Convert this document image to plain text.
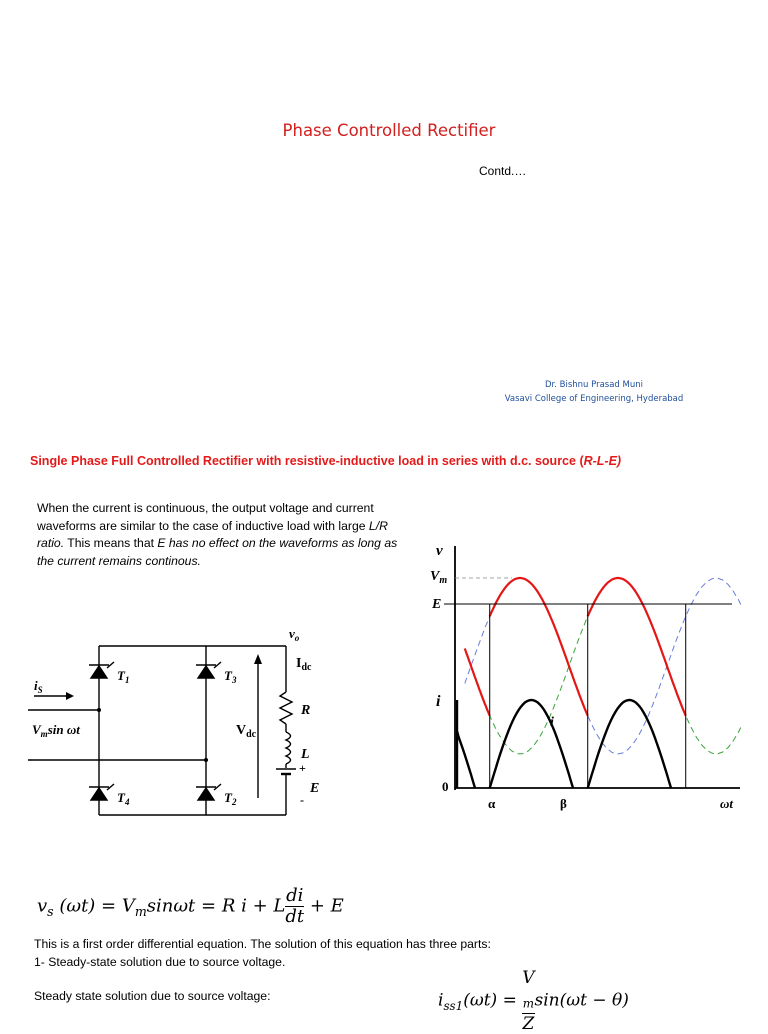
Phase Controlled Rectifier
Contd.…
Dr. Bishnu Prasad Muni
Vasavi College of Engineering, Hyderabad
Single Phase Full Controlled Rectifier with resistive-inductive load in series with d.c. source (R-L-E)
When the current is continuous, the output voltage and current waveforms are similar to the case of inductive load with large L/R ratio. This means that E has no effect on the waveforms as long as the current remains continous.
$v_o$
$I_{dc}$
$i_S$
$V_m\sin$ ωt	$V_{dc}$
$T_1$	$T_3$
$T_4$	$T_2$
R
L
+
E
-
v
$V_m$
E
i
i
0
α	β	ωt
$v_s$ $(\omega t) = V_m\sin\omega t = R$ i + L $\frac{di}{dt} + E$
This is a first order differential equation. The solution of this equation has three parts:
1- Steady-state solution due to source voltage.
Steady state solution due to source voltage:	$i_{ss1}(\omega t) = V$
$_m$
Z sin(ωt − θ)
